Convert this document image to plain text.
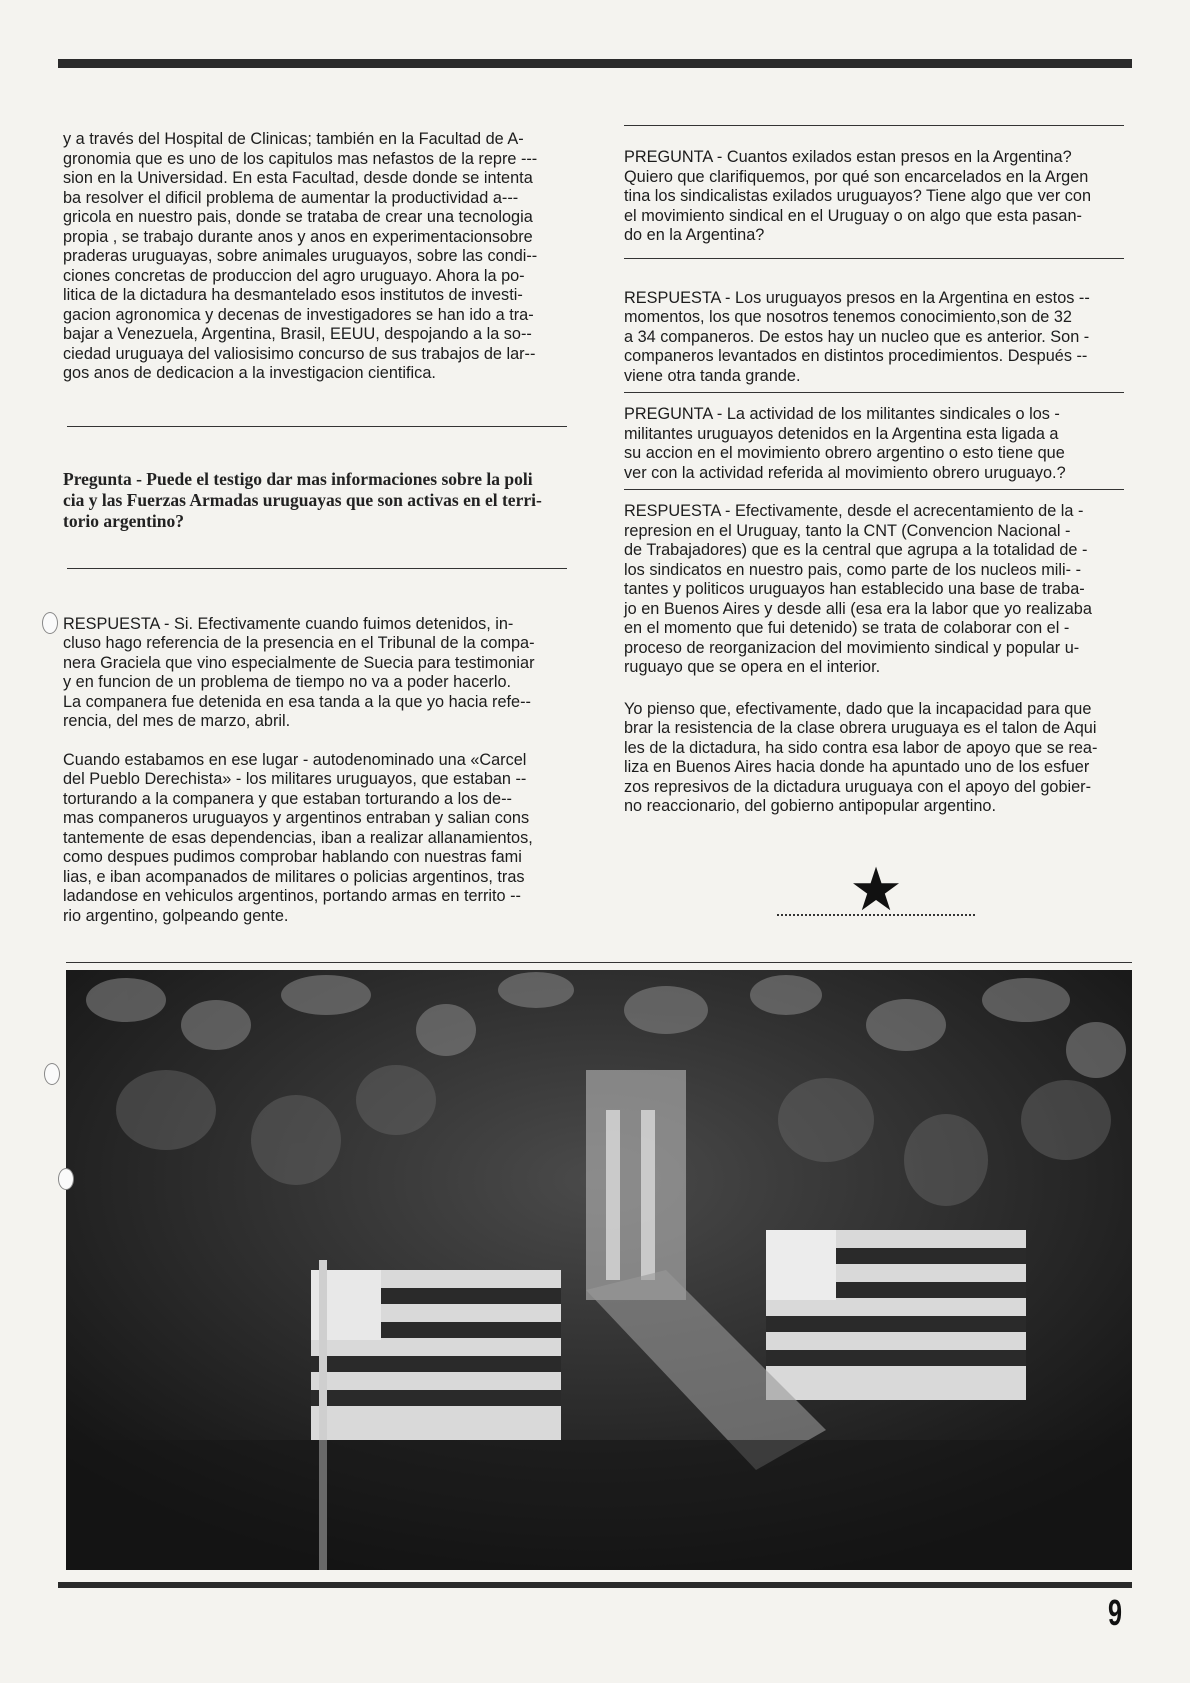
y a través del Hospital de Clinicas; también en la Facultad de A-
gronomia que es uno de los capitulos mas nefastos de la repre ---
sion en la Universidad. En esta Facultad, desde donde se intenta
ba resolver el dificil problema de aumentar la productividad a---
gricola en nuestro pais, donde se trataba de crear una tecnologia
propia , se trabajo durante anos y anos en experimentacionsobre
praderas uruguayas, sobre animales uruguayos, sobre las condi--
ciones concretas de produccion del agro uruguayo. Ahora la po-
litica de la dictadura ha desmantelado esos institutos de investi-
gacion agronomica y decenas de investigadores se han ido a tra-
bajar a Venezuela, Argentina, Brasil, EEUU, despojando a la so--
ciedad uruguaya del valiosisimo concurso de sus trabajos de lar--
gos anos de dedicacion a la investigacion cientifica.

Pregunta - Puede el testigo dar mas informaciones sobre la poli
cia y las Fuerzas Armadas uruguayas que son activas en el terri-
torio argentino?

RESPUESTA - Si. Efectivamente cuando fuimos detenidos, in-
cluso hago referencia de la presencia en el Tribunal de la compa-
nera Graciela que vino especialmente de Suecia para testimoniar
y en funcion de un problema de tiempo no va a poder hacerlo.
La companera fue detenida en esa tanda a la que yo hacia refe--
rencia, del mes de marzo, abril.

Cuando estabamos en ese lugar - autodenominado una «Carcel
del Pueblo Derechista» - los militares uruguayos, que estaban --
torturando a la companera y que estaban torturando a los de--
mas companeros uruguayos y argentinos entraban y salian cons
tantemente de esas dependencias, iban a realizar allanamientos,
como despues pudimos comprobar hablando con nuestras fami
lias, e iban acompanados de militares o policias argentinos, tras
ladandose en vehiculos argentinos, portando armas en territo --
rio argentino, golpeando gente.

PREGUNTA - Cuantos exilados estan presos en la Argentina?
Quiero que clarifiquemos, por qué son encarcelados en la Argen
tina los sindicalistas exilados uruguayos? Tiene algo que ver con
el movimiento sindical en el Uruguay o on algo que esta pasan-
do en la Argentina?

RESPUESTA - Los uruguayos presos en la Argentina en estos --
momentos, los que nosotros tenemos conocimiento,son de 32
a 34 companeros. De estos hay un nucleo que es anterior. Son -
companeros levantados en distintos procedimientos. Después --
viene otra tanda grande.

PREGUNTA - La actividad de los militantes sindicales o los -
militantes uruguayos detenidos en la Argentina esta ligada a
su accion en el movimiento obrero argentino o esto tiene que
ver con la actividad referida al movimiento obrero uruguayo.?

RESPUESTA - Efectivamente, desde el acrecentamiento de la -
represion en el Uruguay, tanto la CNT (Convencion Nacional -
de Trabajadores) que es la central que agrupa a la totalidad de -
los sindicatos en nuestro pais, como parte de los nucleos mili- -
tantes y politicos uruguayos han establecido una base de traba-
jo en Buenos Aires y desde alli (esa era la labor que yo realizaba
en el momento que fui detenido) se trata de colaborar con el -
proceso de reorganizacion del movimiento sindical y popular u-
ruguayo que se opera en el interior.

Yo pienso que, efectivamente, dado que la incapacidad para que
brar la resistencia de la clase obrera uruguaya es el talon de Aqui
les de la dictadura, ha sido contra esa labor de apoyo que se rea-
liza en Buenos Aires hacia donde ha apuntado uno de los esfuer
zos represivos de la dictadura uruguaya con el apoyo del gobier-
no reaccionario, del gobierno antipopular argentino.

★
9
